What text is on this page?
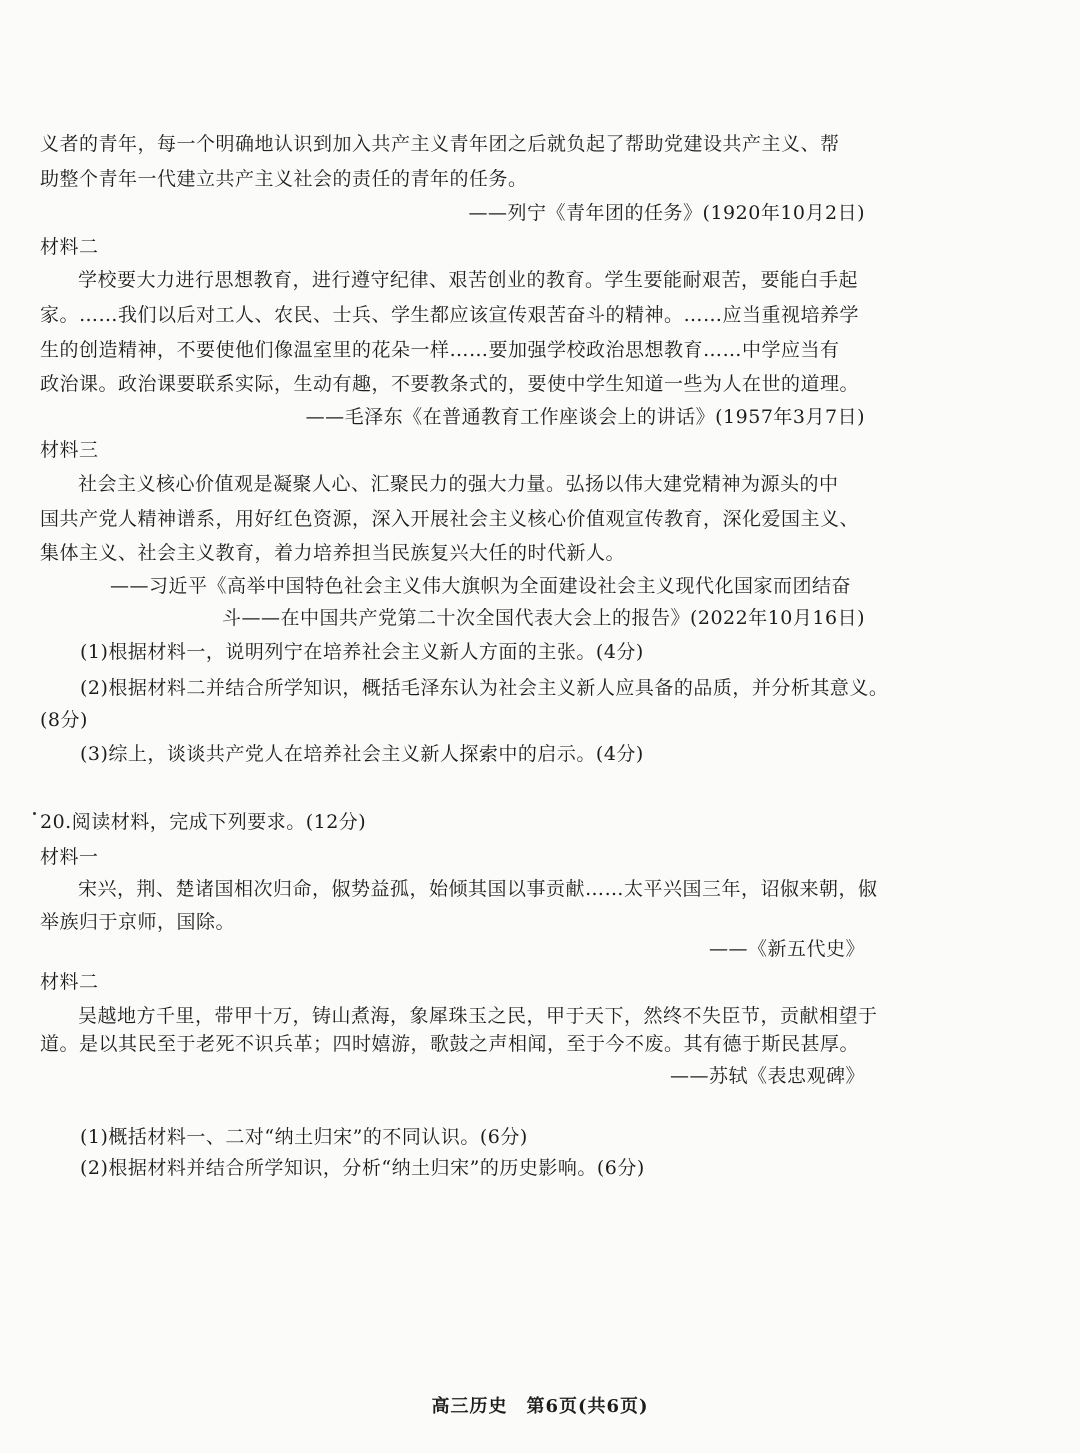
义者的青年，每一个明确地认识到加入共产主义青年团之后就负起了帮助党建设共产主义、帮
助整个青年一代建立共产主义社会的责任的青年的任务。
——列宁《青年团的任务》(1920年10月2日)
材料二
学校要大力进行思想教育，进行遵守纪律、艰苦创业的教育。学生要能耐艰苦，要能白手起
家。……我们以后对工人、农民、士兵、学生都应该宣传艰苦奋斗的精神。……应当重视培养学
生的创造精神，不要使他们像温室里的花朵一样……要加强学校政治思想教育……中学应当有
政治课。政治课要联系实际，生动有趣，不要教条式的，要使中学生知道一些为人在世的道理。
——毛泽东《在普通教育工作座谈会上的讲话》(1957年3月7日)
材料三
社会主义核心价值观是凝聚人心、汇聚民力的强大力量。弘扬以伟大建党精神为源头的中
国共产党人精神谱系，用好红色资源，深入开展社会主义核心价值观宣传教育，深化爱国主义、
集体主义、社会主义教育，着力培养担当民族复兴大任的时代新人。
——习近平《高举中国特色社会主义伟大旗帜为全面建设社会主义现代化国家而团结奋
斗——在中国共产党第二十次全国代表大会上的报告》(2022年10月16日)
(1)根据材料一，说明列宁在培养社会主义新人方面的主张。(4分)
(2)根据材料二并结合所学知识，概括毛泽东认为社会主义新人应具备的品质，并分析其意义。
(8分)
(3)综上，谈谈共产党人在培养社会主义新人探索中的启示。(4分)
20.阅读材料，完成下列要求。(12分)
材料一
宋兴，荆、楚诸国相次归命，俶势益孤，始倾其国以事贡献……太平兴国三年，诏俶来朝，俶
举族归于京师，国除。
——《新五代史》
材料二
吴越地方千里，带甲十万，铸山煮海，象犀珠玉之民，甲于天下，然终不失臣节，贡献相望于
道。是以其民至于老死不识兵革；四时嬉游，歌鼓之声相闻，至于今不废。其有德于斯民甚厚。
——苏轼《表忠观碑》
(1)概括材料一、二对“纳土归宋”的不同认识。(6分)
(2)根据材料并结合所学知识，分析“纳土归宋”的历史影响。(6分)
高三历史　第6页(共6页)
